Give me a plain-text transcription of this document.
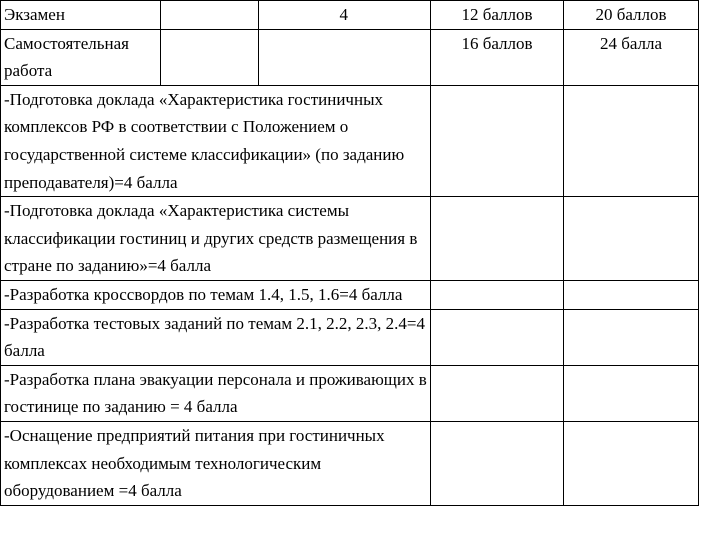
Экзамен		4	12 баллов	20 баллов
Самостоятельная работа			16 баллов	24 балла

-Подготовка доклада «Характеристика гостиничных комплексов РФ в соответствии с Положением о государственной системе классификации» (по заданию преподавателя)=4 балла				

-Подготовка доклада «Характеристика системы классификации гостиниц и других средств размещения в стране по заданию»=4 балла				

-Разработка кроссвордов по темам 1.4, 1.5, 1.6=4 балла				

-Разработка тестовых заданий по темам 2.1, 2.2, 2.3, 2.4=4 балла				

-Разработка плана эвакуации персонала и проживающих в гостинице по заданию = 4 балла				

-Оснащение предприятий питания при гостиничных комплексах необходимым технологическим оборудованием =4 балла				
